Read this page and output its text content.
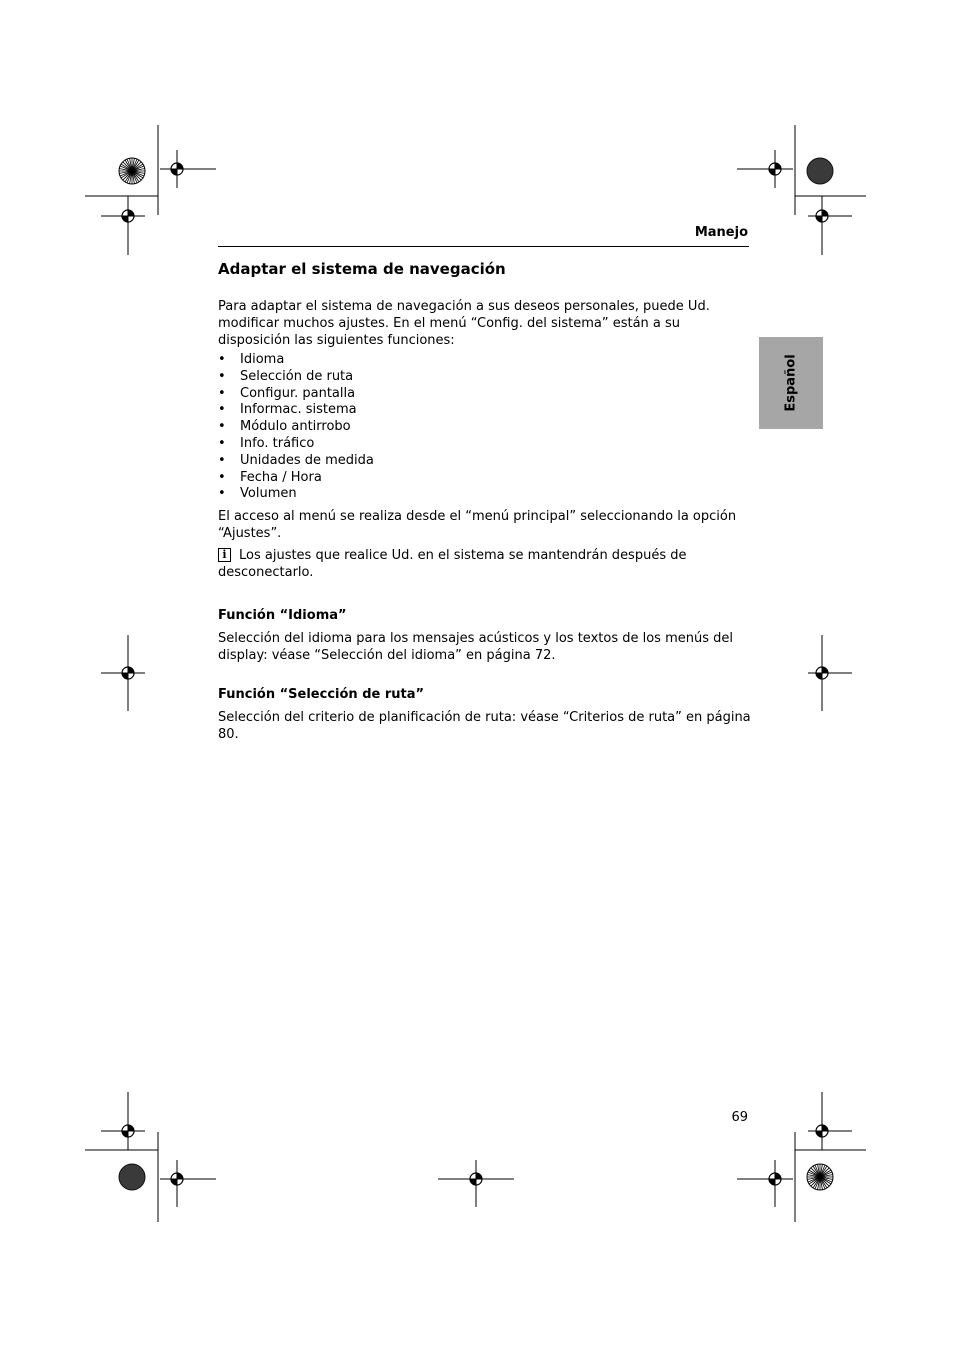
Manejo
Español
Adaptar el sistema de navegación

Para adaptar el sistema de navegación a sus deseos personales, puede Ud. modificar muchos ajustes. En el menú “Config. del sistema” están a su disposición las siguientes funciones:

• Idioma
• Selección de ruta
• Configur. pantalla
• Informac. sistema
• Módulo antirrobo
• Info. tráfico
• Unidades de medida
• Fecha / Hora
• Volumen

El acceso al menú se realiza desde el “menú principal” seleccionando la opción “Ajustes”.

i Los ajustes que realice Ud. en el sistema se mantendrán después de desconectarlo.

Función “Idioma”

Selección del idioma para los mensajes acústicos y los textos de los menús del display: véase “Selección del idioma” en página 72.

Función “Selección de ruta”

Selección del criterio de planificación de ruta: véase “Criterios de ruta” en página 80.

69
